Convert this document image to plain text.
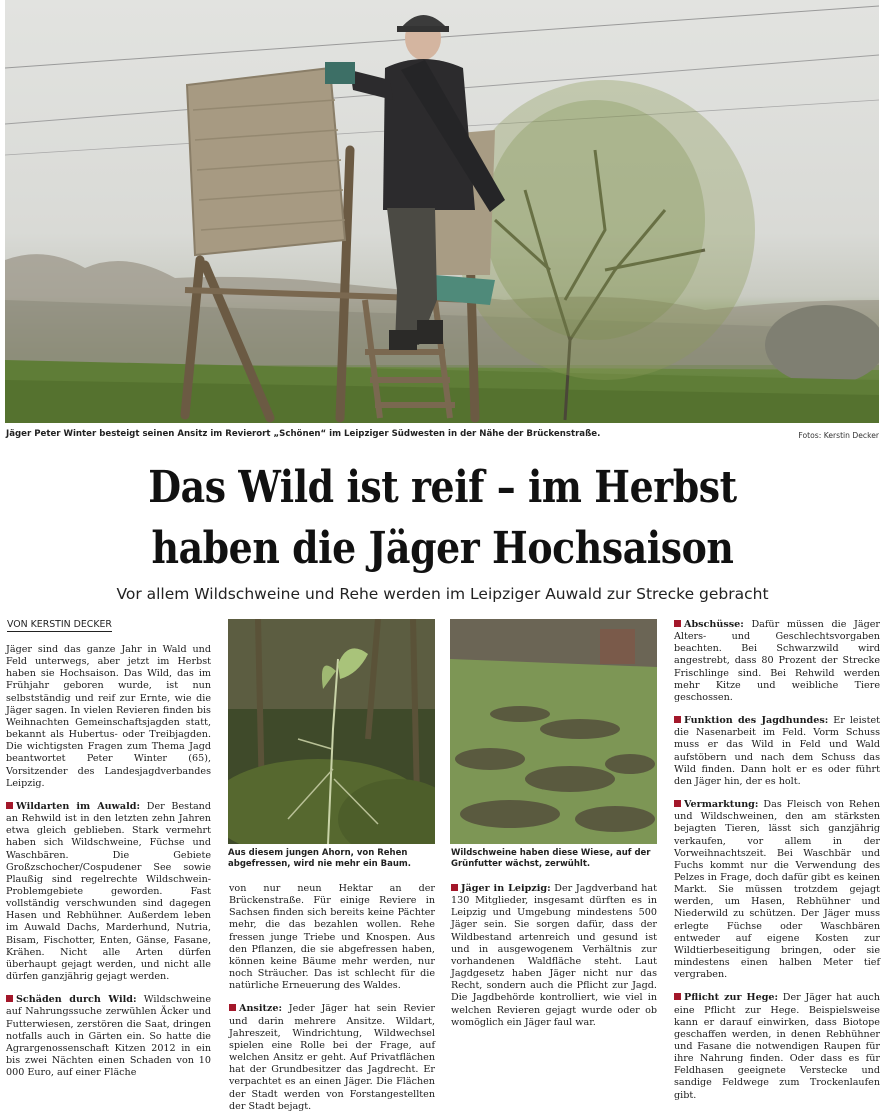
Jäger Peter Winter besteigt seinen Ansitz im Revierort „Schönen“ im Leipziger Südwesten in der Nähe der Brückenstraße.	Fotos: Kerstin Decker
Das Wild ist reif – im Herbst
haben die Jäger Hochsaison
Vor allem Wildschweine und Rehe werden im Leipziger Auwald zur Strecke gebracht
VON KERSTIN DECKER

Jäger sind das ganze Jahr in Wald und Feld unterwegs, aber jetzt im Herbst haben sie Hochsaison. Das Wild, das im Frühjahr geboren wurde, ist nun selbstständig und reif zur Ernte, wie die Jäger sagen. In vielen Revieren finden bis Weihnachten Gemeinschaftsjagden statt, bekannt als Hubertus- oder Treibjagden. Die wichtigsten Fragen zum Thema Jagd beantwortet Peter Winter (65), Vorsitzender des Landesjagdverbandes Leipzig.

Wildarten im Auwald: Der Bestand an Rehwild ist in den letzten zehn Jahren etwa gleich geblieben. Stark vermehrt haben sich Wildschweine, Füchse und Waschbären. Die Gebiete Großzschocher/Cospudener See sowie Plaußig sind regelrechte Wildschwein-Problemgebiete geworden. Fast vollständig verschwunden sind dagegen Hasen und Rebhühner. Außerdem leben im Auwald Dachs, Marderhund, Nutria, Bisam, Fischotter, Enten, Gänse, Fasane, Krähen. Nicht alle Arten dürfen überhaupt gejagt werden, und nicht alle dürfen ganzjährig gejagt werden.

Schäden durch Wild: Wildschweine auf Nahrungssuche zerwühlen Äcker und Futterwiesen, zerstören die Saat, dringen notfalls auch in Gärten ein. So hatte die Agrargenossenschaft Kitzen 2012 in ein bis zwei Nächten einen Schaden von 10 000 Euro, auf einer Fläche

Aus diesem jungen Ahorn, von Rehen abgefressen, wird nie mehr ein Baum.
Wildschweine haben diese Wiese, auf der Grünfutter wächst, zerwühlt.

von nur neun Hektar an der Brückenstraße. Für einige Reviere in Sachsen finden sich bereits keine Pächter mehr, die das bezahlen wollen. Rehe fressen junge Triebe und Knospen. Aus den Pflanzen, die sie abgefressen haben, können keine Bäume mehr werden, nur noch Sträucher. Das ist schlecht für die natürliche Erneuerung des Waldes.

Ansitze: Jeder Jäger hat sein Revier und darin mehrere Ansitze. Wildart, Jahreszeit, Windrichtung, Wildwechsel spielen eine Rolle bei der Frage, auf welchen Ansitz er geht. Auf Privatflächen hat der Grundbesitzer das Jagdrecht. Er verpachtet es an einen Jäger. Die Flächen der Stadt werden von Forstangestellten der Stadt bejagt.

Jäger in Leipzig: Der Jagdverband hat 130 Mitglieder, insgesamt dürften es in Leipzig und Umgebung mindestens 500 Jäger sein. Sie sorgen dafür, dass der Wildbestand artenreich und gesund ist und in ausgewogenem Verhältnis zur vorhandenen Waldfläche steht. Laut Jagdgesetz haben Jäger nicht nur das Recht, sondern auch die Pflicht zur Jagd. Die Jagdbehörde kontrolliert, wie viel in welchen Revieren gejagt wurde oder ob womöglich ein Jäger faul war.

Abschüsse: Dafür müssen die Jäger Alters- und Geschlechtsvorgaben beachten. Bei Schwarzwild wird angestrebt, dass 80 Prozent der Strecke Frischlinge sind. Bei Rehwild werden mehr Kitze und weibliche Tiere geschossen.

Funktion des Jagdhundes: Er leistet die Nasenarbeit im Feld. Vorm Schuss muss er das Wild in Feld und Wald aufstöbern und nach dem Schuss das Wild finden. Dann holt er es oder führt den Jäger hin, der es holt.

Vermarktung: Das Fleisch von Rehen und Wildschweinen, den am stärksten bejagten Tieren, lässt sich ganzjährig verkaufen, vor allem in der Vorweihnachtszeit. Bei Waschbär und Fuchs kommt nur die Verwendung des Pelzes in Frage, doch dafür gibt es keinen Markt. Sie müssen trotzdem gejagt werden, um Hasen, Rebhühner und Niederwild zu schützen. Der Jäger muss erlegte Füchse oder Waschbären entweder auf eigene Kosten zur Wildtierbeseitigung bringen, oder sie mindestens einen halben Meter tief vergraben.

Pflicht zur Hege: Der Jäger hat auch eine Pflicht zur Hege. Beispielsweise kann er darauf einwirken, dass Biotope geschaffen werden, in denen Rebhühner und Fasane die notwendigen Raupen für ihre Nahrung finden. Oder dass es für Feldhasen geeignete Verstecke und sandige Feldwege zum Trockenlaufen gibt.
